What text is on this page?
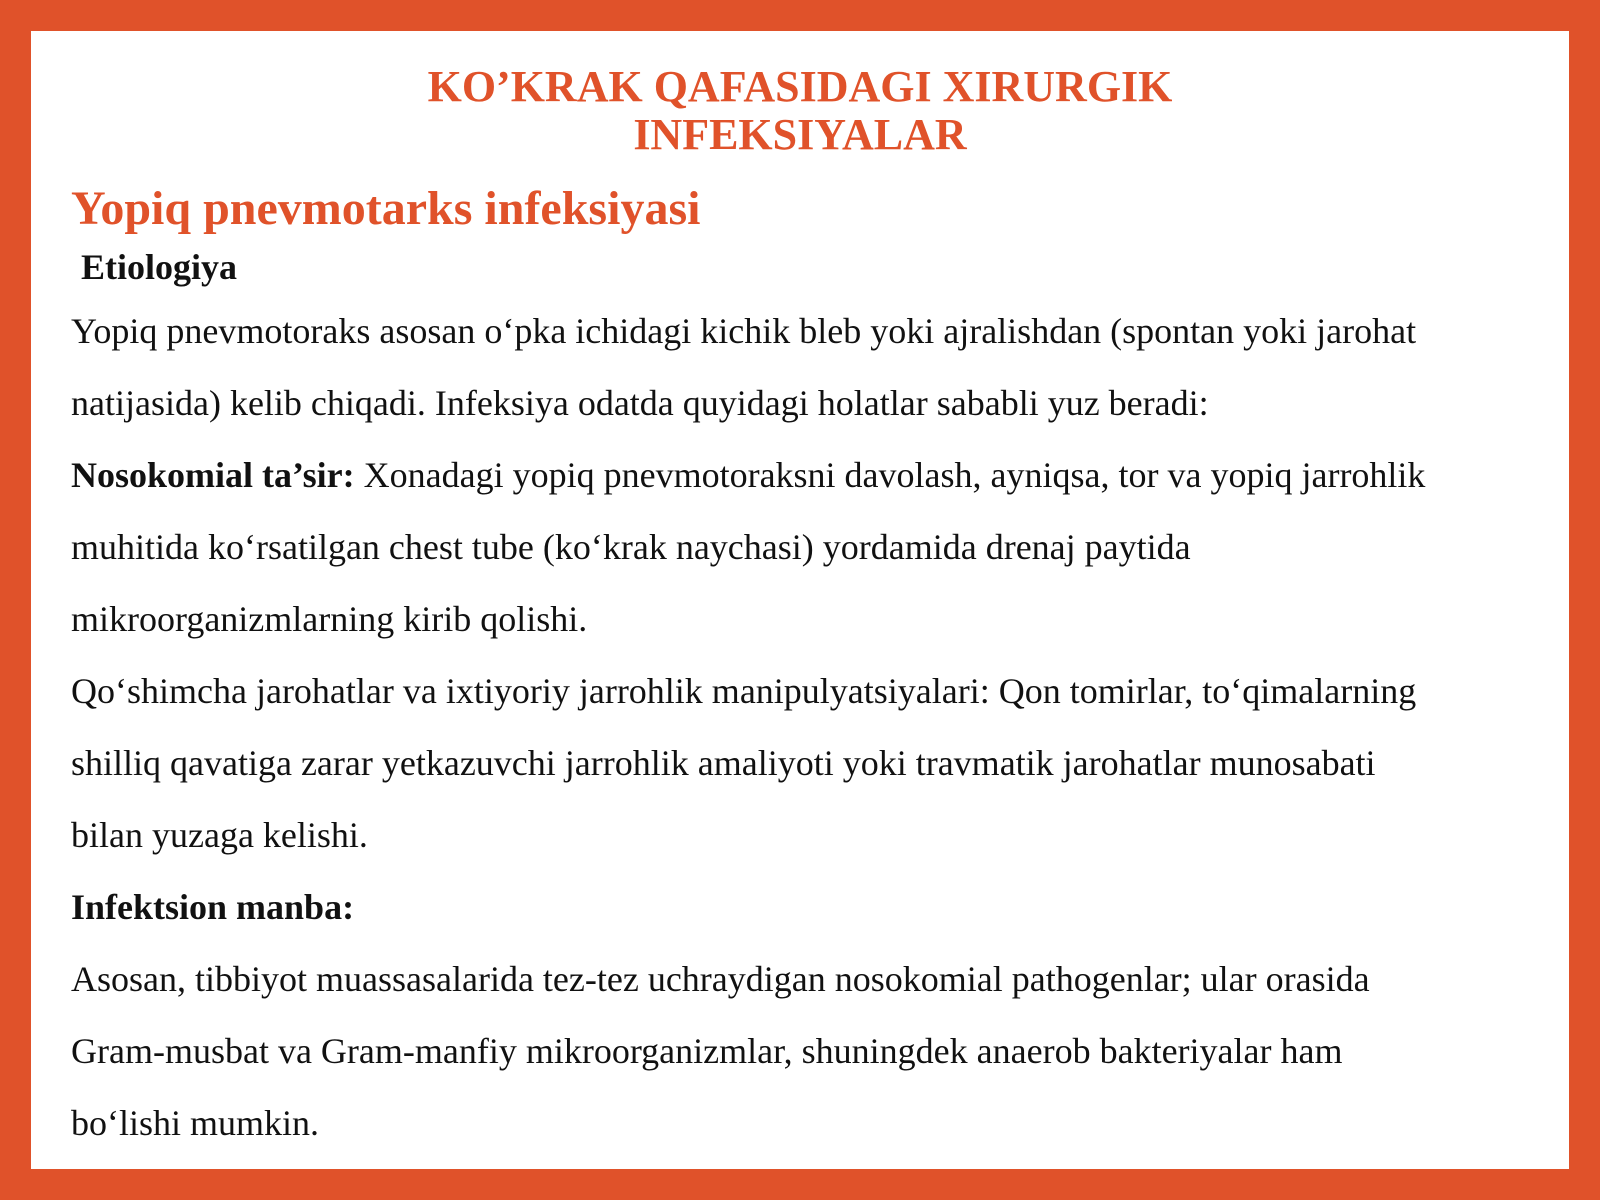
KO’KRAK QAFASIDAGI XIRURGIK
INFEKSIYALAR
Yopiq pnevmotarks infeksiyasi

Etiologiya

Yopiq pnevmotoraks asosan o‘pka ichidagi kichik bleb yoki ajralishdan (spontan yoki jarohat

natijasida) kelib chiqadi. Infeksiya odatda quyidagi holatlar sababli yuz beradi:

Nosokomial ta’sir: Xonadagi yopiq pnevmotoraksni davolash, ayniqsa, tor va yopiq jarrohlik

muhitida ko‘rsatilgan chest tube (ko‘krak naychasi) yordamida drenaj paytida

mikroorganizmlarning kirib qolishi.

Qo‘shimcha jarohatlar va ixtiyoriy jarrohlik manipulyatsiyalari: Qon tomirlar, to‘qimalarning

shilliq qavatiga zarar yetkazuvchi jarrohlik amaliyoti yoki travmatik jarohatlar munosabati

bilan yuzaga kelishi.

Infektsion manba:

Asosan, tibbiyot muassasalarida tez-tez uchraydigan nosokomial pathogenlar; ular orasida

Gram-musbat va Gram-manfiy mikroorganizmlar, shuningdek anaerob bakteriyalar ham

bo‘lishi mumkin.
